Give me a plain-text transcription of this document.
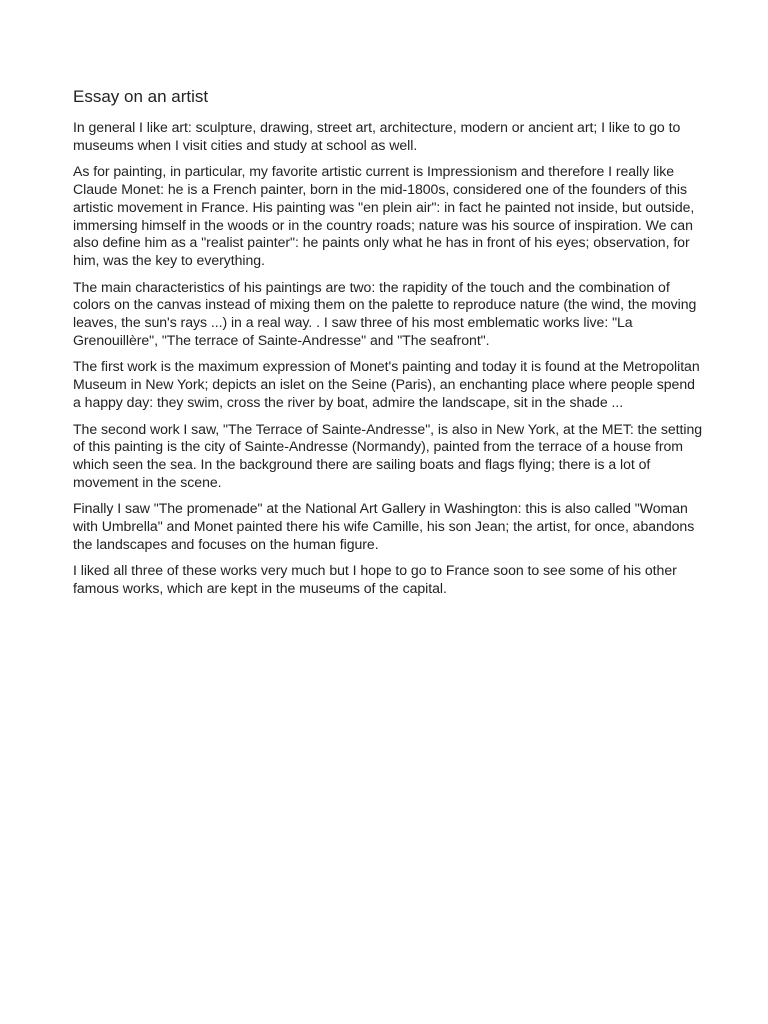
Essay on an artist

In general I like art: sculpture, drawing, street art, architecture, modern or ancient art; I like to go to museums when I visit cities and study at school as well.

As for painting, in particular, my favorite artistic current is Impressionism and therefore I really like Claude Monet: he is a French painter, born in the mid-1800s, considered one of the founders of this artistic movement in France. His painting was "en plein air": in fact he painted not inside, but outside, immersing himself in the woods or in the country roads; nature was his source of inspiration. We can also define him as a "realist painter": he paints only what he has in front of his eyes; observation, for him, was the key to everything.

The main characteristics of his paintings are two: the rapidity of the touch and the combination of colors on the canvas instead of mixing them on the palette to reproduce nature (the wind, the moving leaves, the sun's rays ...) in a real way. . I saw three of his most emblematic works live: "La Grenouillère", "The terrace of Sainte-Andresse" and "The seafront".

The first work is the maximum expression of Monet's painting and today it is found at the Metropolitan Museum in New York; depicts an islet on the Seine (Paris), an enchanting place where people spend a happy day: they swim, cross the river by boat, admire the landscape, sit in the shade ...

The second work I saw, "The Terrace of Sainte-Andresse", is also in New York, at the MET: the setting of this painting is the city of Sainte-Andresse (Normandy), painted from the terrace of a house from which seen the sea. In the background there are sailing boats and flags flying; there is a lot of movement in the scene.

Finally I saw "The promenade" at the National Art Gallery in Washington: this is also called "Woman with Umbrella" and Monet painted there his wife Camille, his son Jean; the artist, for once, abandons the landscapes and focuses on the human figure.

I liked all three of these works very much but I hope to go to France soon to see some of his other famous works, which are kept in the museums of the capital.
